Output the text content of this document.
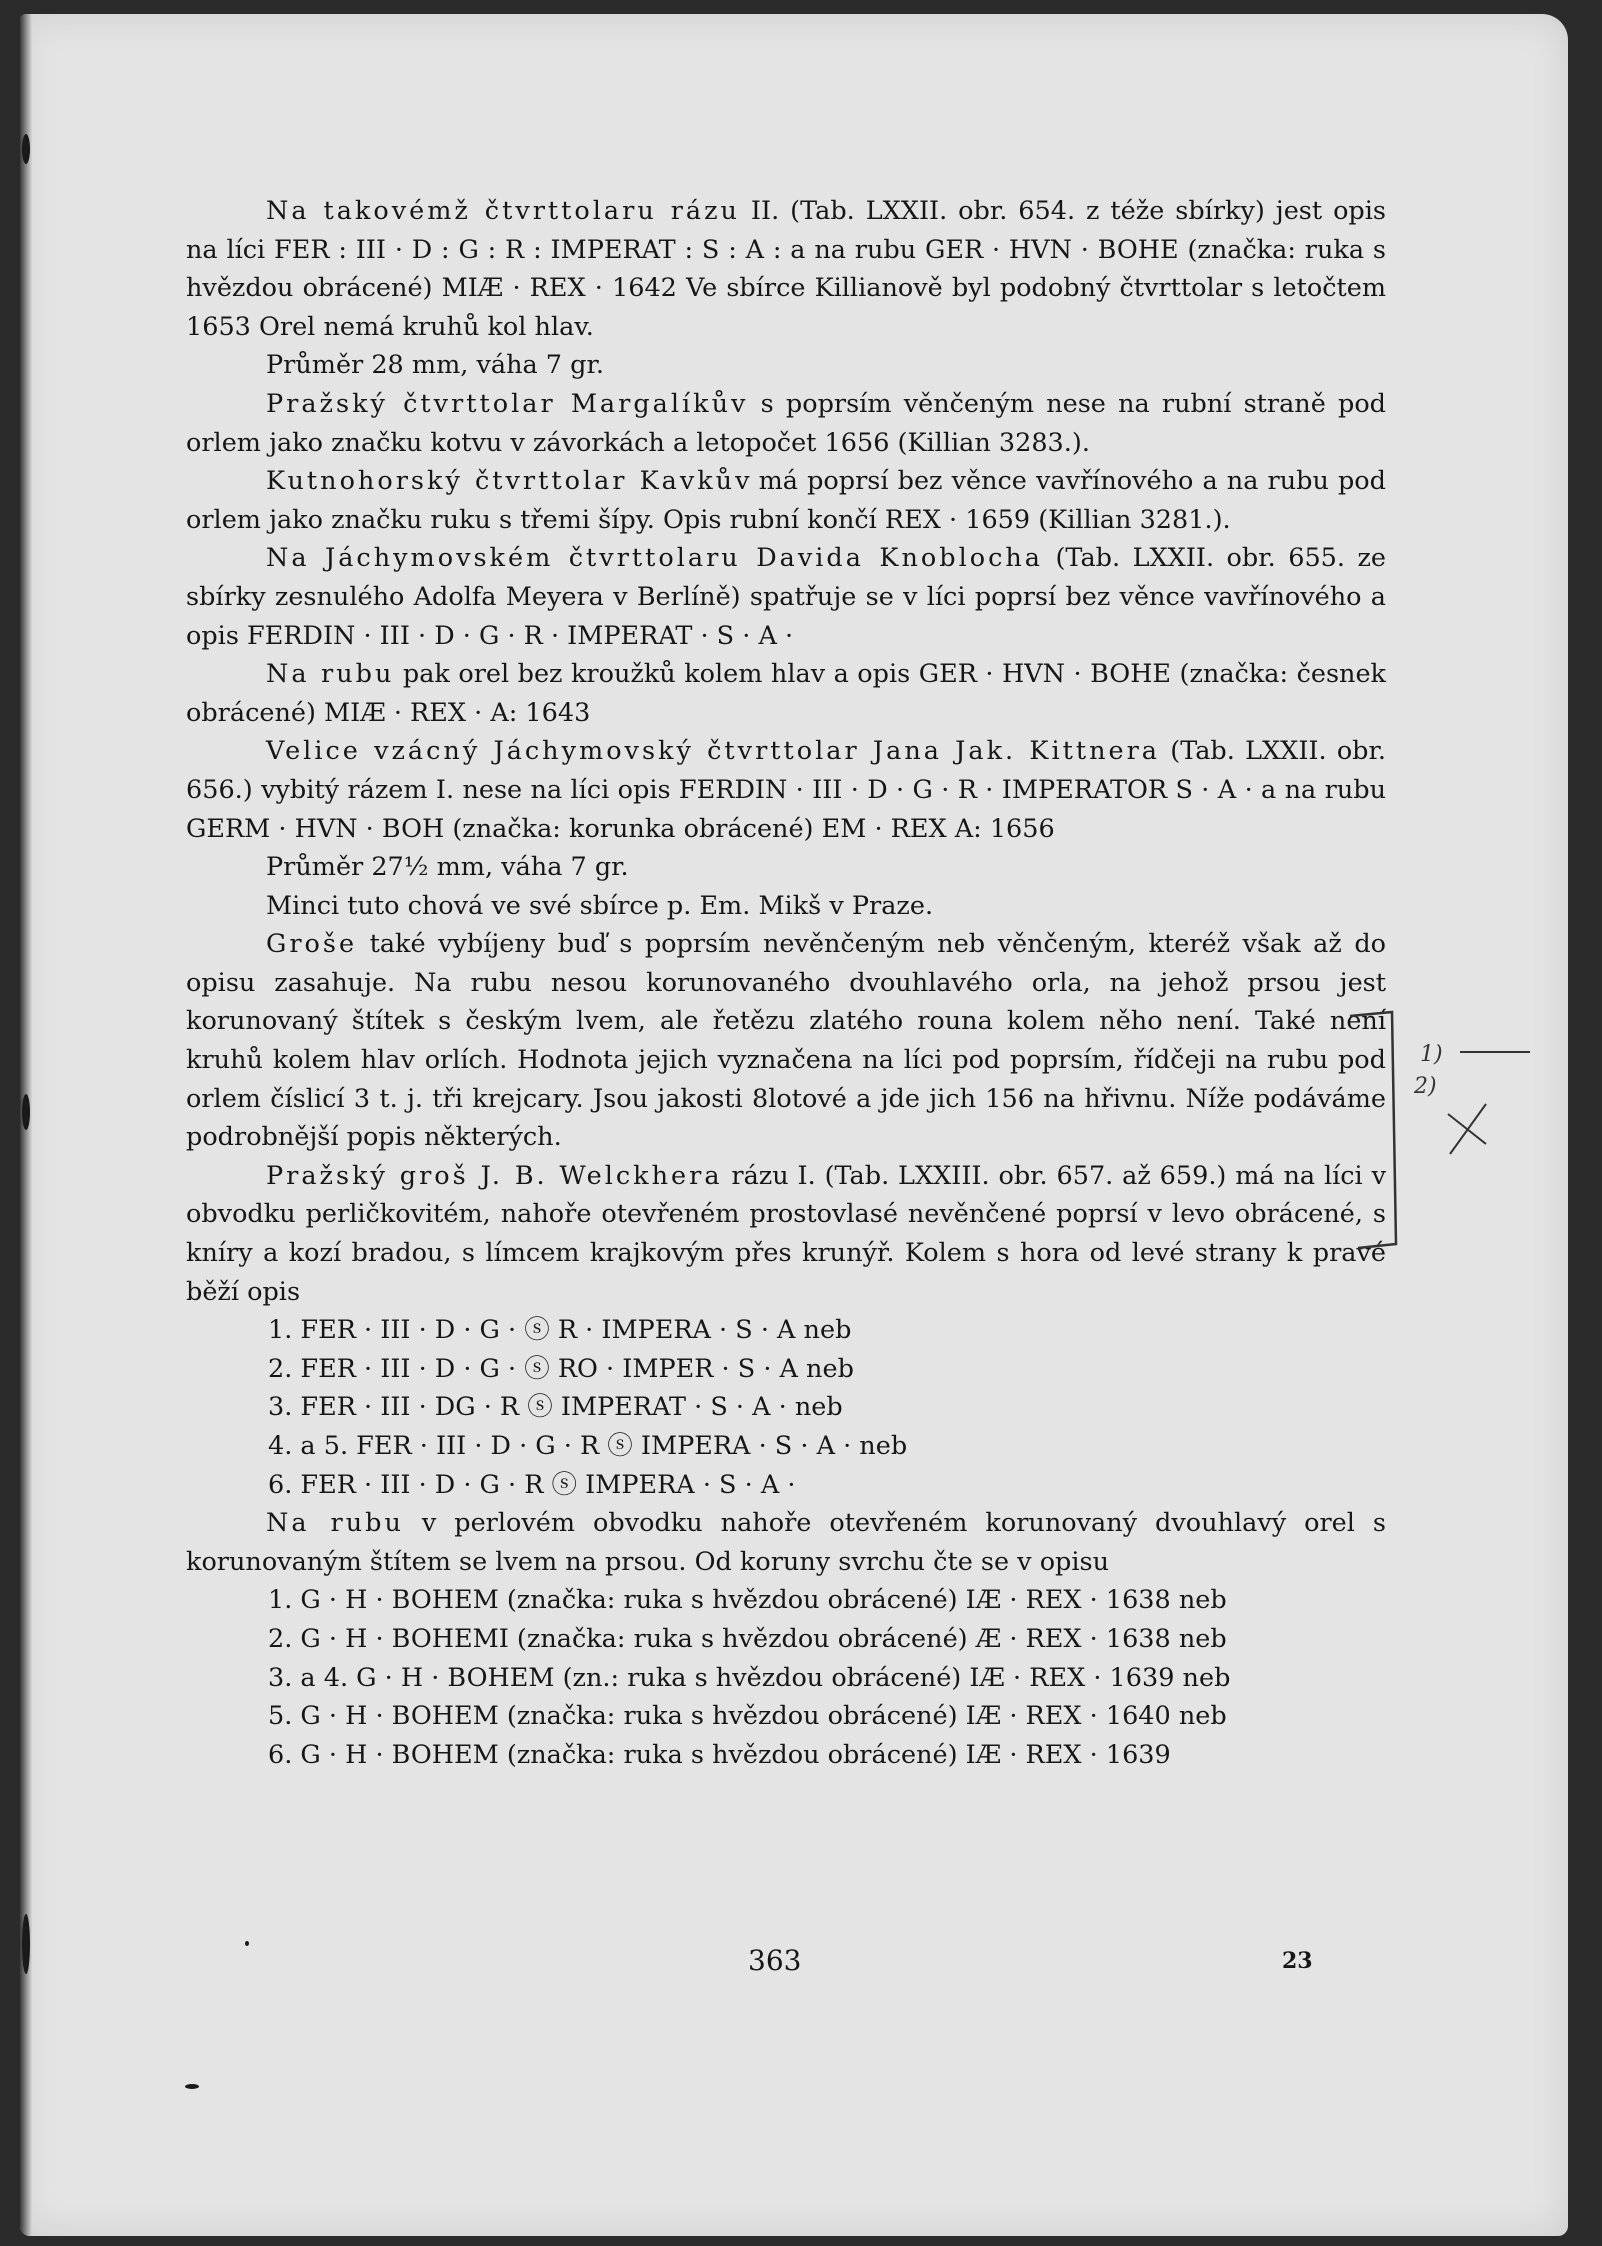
Na takovémž čtvrttolaru rázu II. (Tab. LXXII. obr. 654. z téže sbírky) jest opis na líci FER : III · D : G : R : IMPERAT : S : A : a na rubu GER · HVN · BOHE (značka: ruka s hvězdou obrácené) MIÆ · REX · 1642 Ve sbírce Killianově byl podobný čtvrttolar s letočtem 1653 Orel nemá kruhů kol hlav.

Průměr 28 mm, váha 7 gr.

Pražský čtvrttolar Margalíkův s poprsím věnčeným nese na rubní straně pod orlem jako značku kotvu v závorkách a letopočet 1656 (Killian 3283.).

Kutnohorský čtvrttolar Kavkův má poprsí bez věnce vavřínového a na rubu pod orlem jako značku ruku s třemi šípy. Opis rubní končí REX · 1659 (Killian 3281.).

Na Jáchymovském čtvrttolaru Davida Knoblocha (Tab. LXXII. obr. 655. ze sbírky zesnulého Adolfa Meyera v Berlíně) spatřuje se v líci poprsí bez věnce vavřínového a opis FERDIN · III · D · G · R · IMPERAT · S · A ·

Na rubu pak orel bez kroužků kolem hlav a opis GER · HVN · BOHE (značka: česnek obrácené) MIÆ · REX · A: 1643

Velice vzácný Jáchymovský čtvrttolar Jana Jak. Kittnera (Tab. LXXII. obr. 656.) vybitý rázem I. nese na líci opis FERDIN · III · D · G · R · IMPERATOR S · A · a na rubu GERM · HVN · BOH (značka: korunka obrácené) EM · REX A: 1656

Průměr 27½ mm, váha 7 gr.

Minci tuto chová ve své sbírce p. Em. Mikš v Praze.

Groše také vybíjeny buď s poprsím nevěnčeným neb věnčeným, kteréž však až do opisu zasahuje. Na rubu nesou korunovaného dvouhlavého orla, na jehož prsou jest korunovaný štítek s českým lvem, ale řetězu zlatého rouna kolem něho není. Také není kruhů kolem hlav orlích. Hodnota jejich vyznačena na líci pod poprsím, řídčeji na rubu pod orlem číslicí 3 t. j. tři krejcary. Jsou jakosti 8lotové a jde jich 156 na hřivnu. Níže podáváme podrobnější popis některých.

Pražský groš J. B. Welckhera rázu I. (Tab. LXXIII. obr. 657. až 659.) má na líci v obvodku perličkovitém, nahoře otevřeném prostovlasé nevěnčené poprsí v levo obrácené, s kníry a kozí bradou, s límcem krajkovým přes krunýř. Kolem s hora od levé strany k pravé běží opis

1. FER · III · D · G · ⓢ R · IMPERA · S · A neb

2. FER · III · D · G · ⓢ RO · IMPER · S · A neb

3. FER · III · DG · R ⓢ IMPERAT · S · A · neb

4. a 5. FER · III · D · G · R ⓢ IMPERA · S · A · neb

6. FER · III · D · G · R ⓢ IMPERA · S · A ·

Na rubu v perlovém obvodku nahoře otevřeném korunovaný dvouhlavý orel s korunovaným štítem se lvem na prsou. Od koruny svrchu čte se v opisu

1. G · H · BOHEM (značka: ruka s hvězdou obrácené) IÆ · REX · 1638 neb

2. G · H · BOHEMI (značka: ruka s hvězdou obrácené) Æ · REX · 1638 neb

3. a 4. G · H · BOHEM (zn.: ruka s hvězdou obrácené) IÆ · REX · 1639 neb

5. G · H · BOHEM (značka: ruka s hvězdou obrácené) IÆ · REX · 1640 neb

6. G · H · BOHEM (značka: ruka s hvězdou obrácené) IÆ · REX · 1639

1)
2)
363	23
